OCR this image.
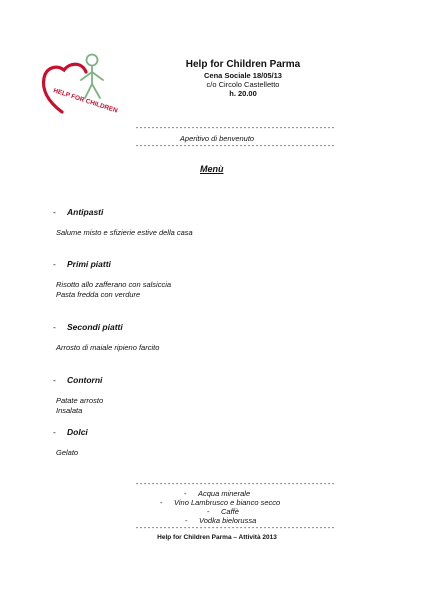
HELP FOR CHILDREN
Help for Children Parma
Cena Sociale 18/05/13
c/o Circolo Castelletto
h. 20.00
--------------------------------------------------
Aperitivo di benvenuto
--------------------------------------------------
Menù
- Antipasti
Salume misto e sfizierie estive della casa
- Primi piatti
Risotto allo zafferano con salsiccia
Pasta fredda con verdure
- Secondi piatti
Arrosto di maiale ripieno farcito
- Contorni
Patate arrosto
Insalata
- Dolci
Gelato
--------------------------------------------------
- Acqua minerale
- Vino Lambrusco e bianco secco
- Caffè
- Vodka bielorussa
--------------------------------------------------
Help for Children Parma – Attività 2013
